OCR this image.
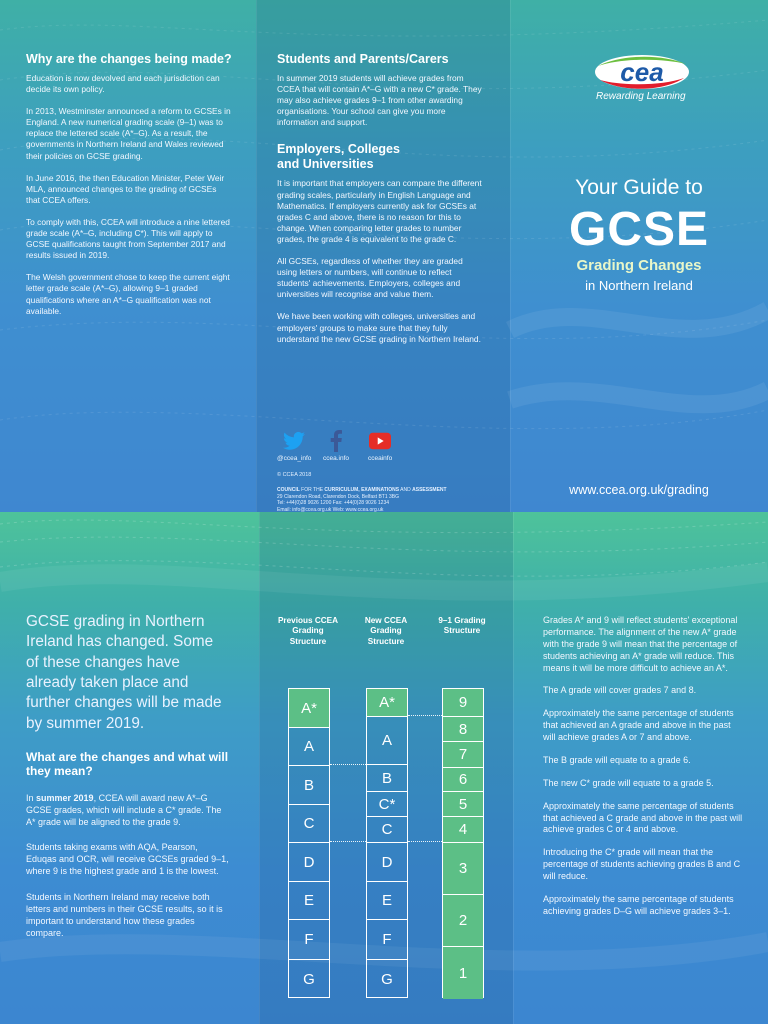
Why are the changes being made?

Education is now devolved and each jurisdiction can decide its own policy.

In 2013, Westminster announced a reform to GCSEs in England. A new numerical grading scale (9–1) was to replace the lettered scale (A*–G). As a result, the governments in Northern Ireland and Wales reviewed their policies on GCSE grading.

In June 2016, the then Education Minister, Peter Weir MLA, announced changes to the grading of GCSEs that CCEA offers.

To comply with this, CCEA will introduce a nine lettered grade scale (A*–G, including C*). This will apply to GCSE qualifications taught from September 2017 and results issued in 2019.

The Welsh government chose to keep the current eight letter grade scale (A*–G), allowing 9–1 graded qualifications where an A*–G qualification was not available.

Students and Parents/Carers

In summer 2019 students will achieve grades from CCEA that will contain A*–G with a new C* grade. They may also achieve grades 9–1 from other awarding organisations. Your school can give you more information and support.

Employers, Colleges and Universities

It is important that employers can compare the different grading scales, particularly in English Language and Mathematics. If employers currently ask for GCSEs at grades C and above, there is no reason for this to change. When comparing letter grades to number grades, the grade 4 is equivalent to the grade C.

All GCSEs, regardless of whether they are graded using letters or numbers, will continue to reflect students' achievements. Employers, colleges and universities will recognise and value them.

We have been working with colleges, universities and employers' groups to make sure that they fully understand the new GCSE grading in Northern Ireland.

@ccea_info ccea.info	cceainfo
© CCEA 2018
COUNCIL FOR THE CURRICULUM, EXAMINATIONS AND ASSESSMENT
29 Clarendon Road, Clarendon Dock, Belfast BT1 3BG
Tel: +44(0)28 9026 1200 Fax: +44(0)28 9026 1234
Email: info@ccea.org.uk Web: www.ccea.org.uk
cea
Rewarding Learning
Your Guide to
GCSE
Grading Changes
in Northern Ireland
www.ccea.org.uk/grading
GCSE grading in Northern Ireland has changed. Some of these changes have already taken place and further changes will be made by summer 2019.
What are the changes and what will they mean?

In summer 2019, CCEA will award new A*–G GCSE grades, which will include a C* grade. The A* grade will be aligned to the grade 9.

Students taking exams with AQA, Pearson, Eduqas and OCR, will receive GCSEs graded 9–1, where 9 is the highest grade and 1 is the lowest.

Students in Northern Ireland may receive both letters and numbers in their GCSE results, so it is important to understand how these grades compare.

Previous CCEA Grading Structure
New CCEA Grading Structure
9–1 Grading Structure
A*
A
B
C
D
E
F
G
A*
A
B
C*
C
D
E
F
G
9
8
7
6
5
4
3
2
1

Grades A* and 9 will reflect students' exceptional performance. The alignment of the new A* grade with the grade 9 will mean that the percentage of students achieving an A* grade will reduce. This means it will be more difficult to achieve an A*.

The A grade will cover grades 7 and 8.

Approximately the same percentage of students that achieved an A grade and above in the past will achieve grades A or 7 and above.

The B grade will equate to a grade 6.

The new C* grade will equate to a grade 5.

Approximately the same percentage of students that achieved a C grade and above in the past will achieve grades C or 4 and above.

Introducing the C* grade will mean that the percentage of students achieving grades B and C will reduce.

Approximately the same percentage of students achieving grades D–G will achieve grades 3–1.
